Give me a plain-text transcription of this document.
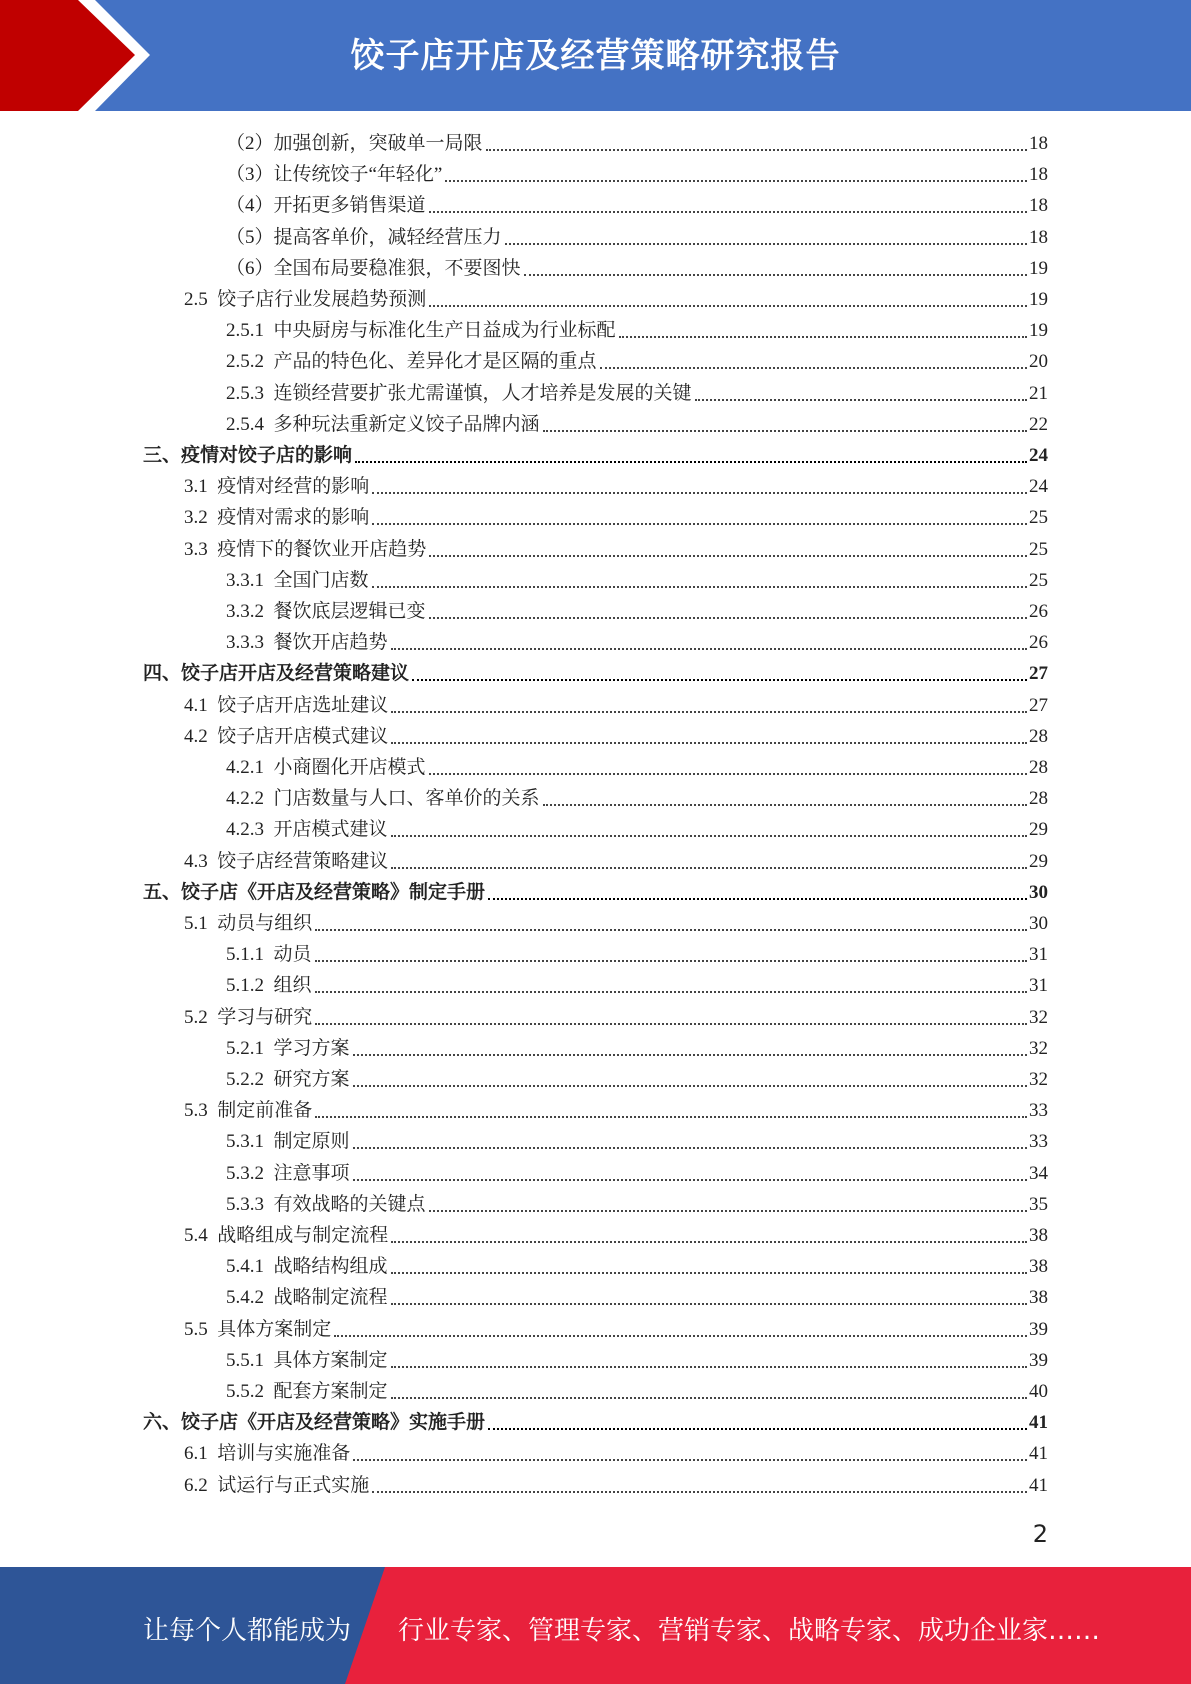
饺子店开店及经营策略研究报告
（2）加强创新，突破单一局限	18
（3）让传统饺子“年轻化”	18
（4）开拓更多销售渠道	18
（5）提高客单价，减轻经营压力	18
（6）全国布局要稳准狠，不要图快	19
2.5  饺子店行业发展趋势预测	19
2.5.1  中央厨房与标准化生产日益成为行业标配	19
2.5.2  产品的特色化、差异化才是区隔的重点	20
2.5.3  连锁经营要扩张尤需谨慎，人才培养是发展的关键	21
2.5.4  多种玩法重新定义饺子品牌内涵	22
三、疫情对饺子店的影响	24
3.1  疫情对经营的影响	24
3.2  疫情对需求的影响	25
3.3  疫情下的餐饮业开店趋势	25
3.3.1  全国门店数	25
3.3.2  餐饮底层逻辑已变	26
3.3.3  餐饮开店趋势	26
四、饺子店开店及经营策略建议	27
4.1  饺子店开店选址建议	27
4.2  饺子店开店模式建议	28
4.2.1  小商圈化开店模式	28
4.2.2  门店数量与人口、客单价的关系	28
4.2.3  开店模式建议	29
4.3  饺子店经营策略建议	29
五、饺子店《开店及经营策略》制定手册	30
5.1  动员与组织	30
5.1.1  动员	31
5.1.2  组织	31
5.2  学习与研究	32
5.2.1  学习方案	32
5.2.2  研究方案	32
5.3  制定前准备	33
5.3.1  制定原则	33
5.3.2  注意事项	34
5.3.3  有效战略的关键点	35
5.4  战略组成与制定流程	38
5.4.1  战略结构组成	38
5.4.2  战略制定流程	38
5.5  具体方案制定	39
5.5.1  具体方案制定	39
5.5.2  配套方案制定	40
六、饺子店《开店及经营策略》实施手册	41
6.1  培训与实施准备	41
6.2  试运行与正式实施	41
2
让每个人都能成为 行业专家、管理专家、营销专家、战略专家、成功企业家……
